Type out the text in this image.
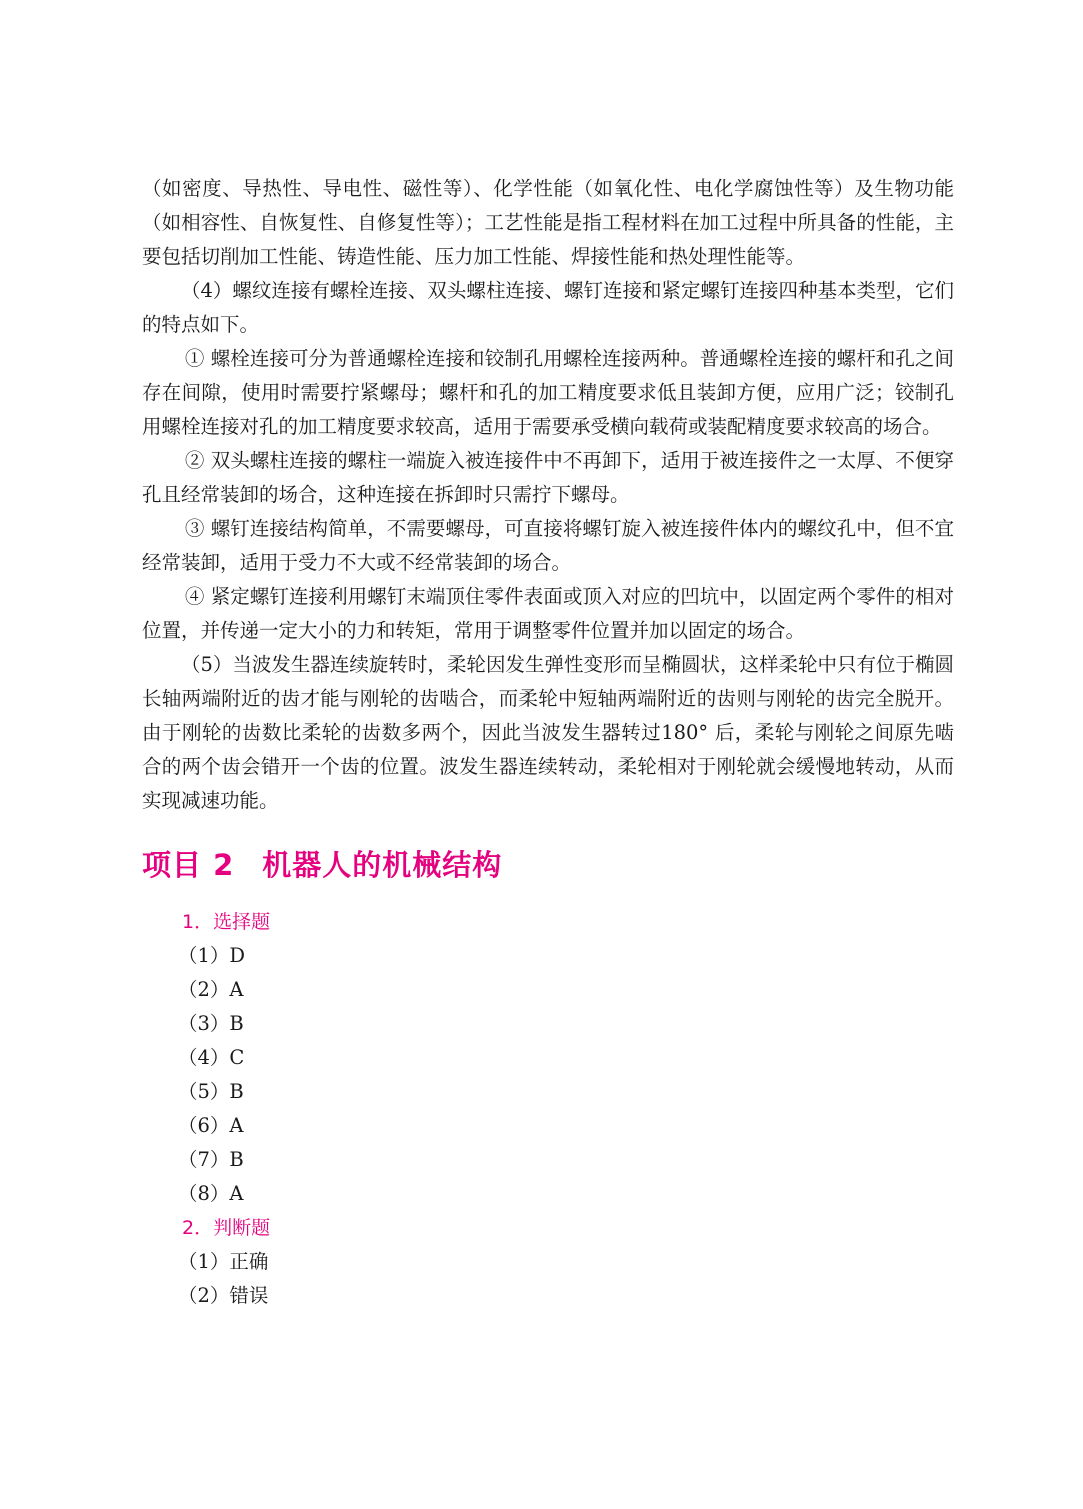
（如密度、导热性、导电性、磁性等）、化学性能（如氧化性、电化学腐蚀性等）及生物功能（如相容性、自恢复性、自修复性等）；工艺性能是指工程材料在加工过程中所具备的性能，主要包括切削加工性能、铸造性能、压力加工性能、焊接性能和热处理性能等。

（4）螺纹连接有螺栓连接、双头螺柱连接、螺钉连接和紧定螺钉连接四种基本类型，它们的特点如下。

① 螺栓连接可分为普通螺栓连接和铰制孔用螺栓连接两种。普通螺栓连接的螺杆和孔之间存在间隙，使用时需要拧紧螺母；螺杆和孔的加工精度要求低且装卸方便，应用广泛；铰制孔用螺栓连接对孔的加工精度要求较高，适用于需要承受横向载荷或装配精度要求较高的场合。

② 双头螺柱连接的螺柱一端旋入被连接件中不再卸下，适用于被连接件之一太厚、不便穿孔且经常装卸的场合，这种连接在拆卸时只需拧下螺母。

③ 螺钉连接结构简单，不需要螺母，可直接将螺钉旋入被连接件体内的螺纹孔中，但不宜经常装卸，适用于受力不大或不经常装卸的场合。

④ 紧定螺钉连接利用螺钉末端顶住零件表面或顶入对应的凹坑中，以固定两个零件的相对位置，并传递一定大小的力和转矩，常用于调整零件位置并加以固定的场合。

（5）当波发生器连续旋转时，柔轮因发生弹性变形而呈椭圆状，这样柔轮中只有位于椭圆长轴两端附近的齿才能与刚轮的齿啮合，而柔轮中短轴两端附近的齿则与刚轮的齿完全脱开。由于刚轮的齿数比柔轮的齿数多两个，因此当波发生器转过180° 后，柔轮与刚轮之间原先啮合的两个齿会错开一个齿的位置。波发生器连续转动，柔轮相对于刚轮就会缓慢地转动，从而实现减速功能。

项目 2 机器人的机械结构

1．选择题

（1）D

（2）A

（3）B

（4）C

（5）B

（6）A

（7）B

（8）A

2．判断题

（1）正确

（2）错误
